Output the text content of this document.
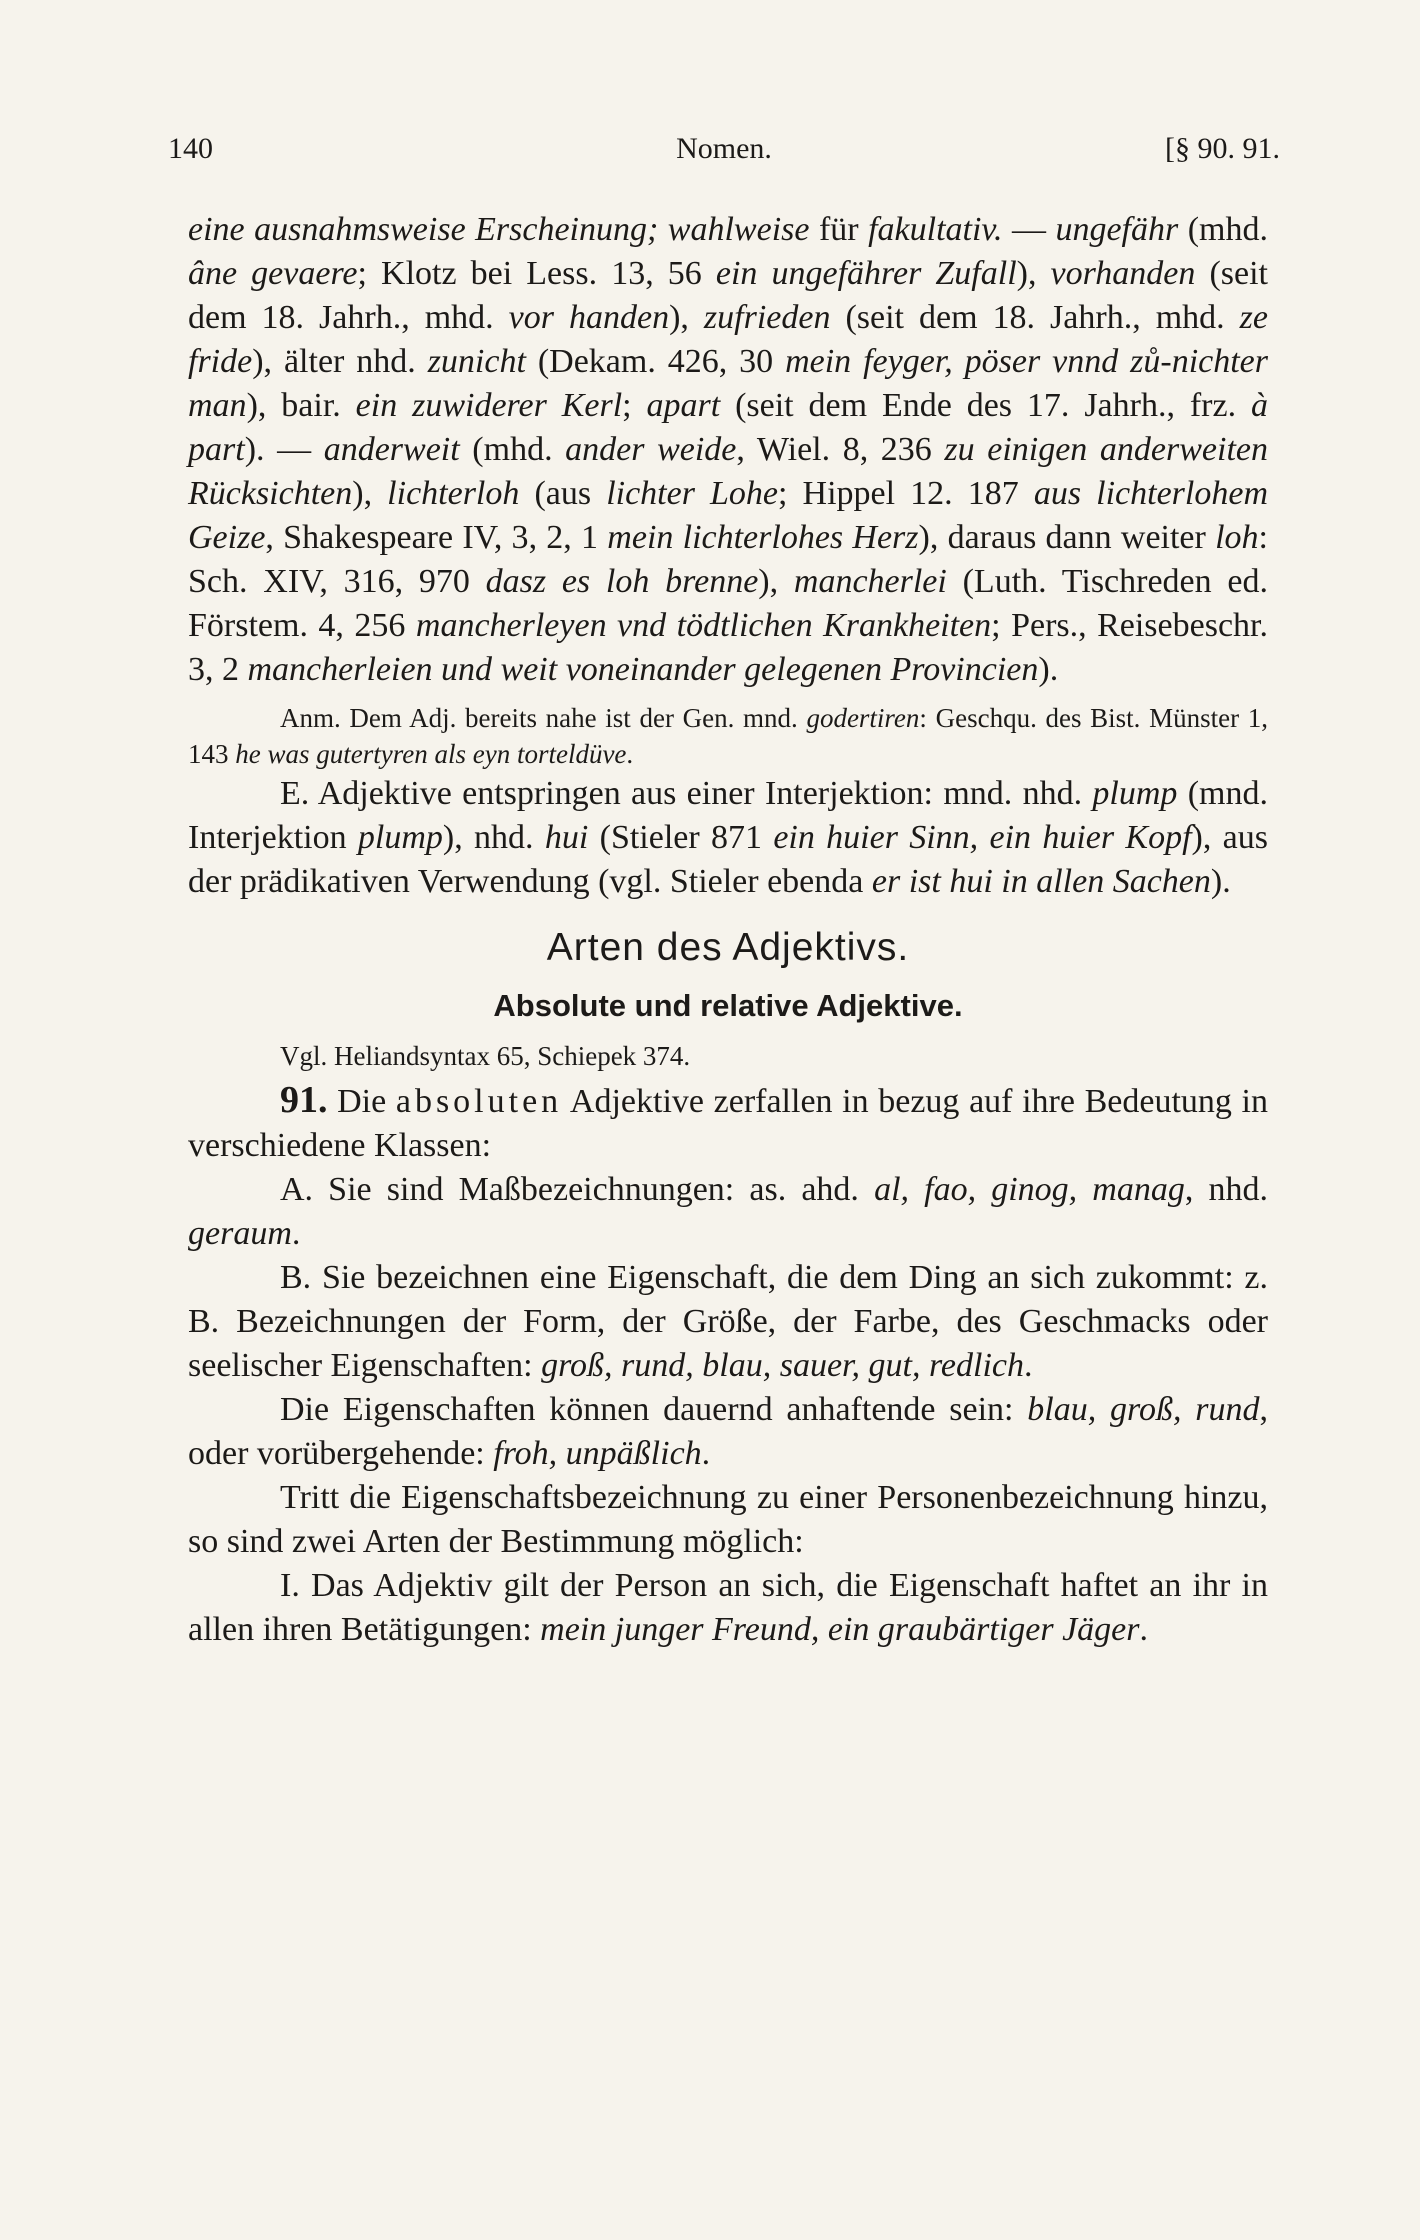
140	Nomen.	[§ 90. 91.

eine ausnahmsweise Erscheinung; wahlweise für fakultativ. — ungefähr (mhd. âne gevaere; Klotz bei Less. 13, 56 ein ungefährer Zufall), vorhanden (seit dem 18. Jahrh., mhd. vor handen), zufrieden (seit dem 18. Jahrh., mhd. ze fride), älter nhd. zunicht (Dekam. 426, 30 mein feyger, pöser vnnd zů-nichter man), bair. ein zuwiderer Kerl; apart (seit dem Ende des 17. Jahrh., frz. à part). — anderweit (mhd. ander weide, Wiel. 8, 236 zu einigen anderweiten Rücksichten), lichterloh (aus lichter Lohe; Hippel 12. 187 aus lichterlohem Geize, Shakespeare IV, 3, 2, 1 mein lichterlohes Herz), daraus dann weiter loh: Sch. XIV, 316, 970 dasz es loh brenne), mancherlei (Luth. Tischreden ed. Förstem. 4, 256 mancherleyen vnd tödtlichen Krankheiten; Pers., Reisebeschr. 3, 2 mancherleien und weit voneinander gelegenen Provincien).

Anm. Dem Adj. bereits nahe ist der Gen. mnd. godertiren: Geschqu. des Bist. Münster 1, 143 he was gutertyren als eyn torteldüve.

E. Adjektive entspringen aus einer Interjektion: mnd. nhd. plump (mnd. Interjektion plump), nhd. hui (Stieler 871 ein huier Sinn, ein huier Kopf), aus der prädikativen Verwendung (vgl. Stieler ebenda er ist hui in allen Sachen).

Arten des Adjektivs.

Absolute und relative Adjektive.

Vgl. Heliandsyntax 65, Schiepek 374.

91. Die absoluten Adjektive zerfallen in bezug auf ihre Bedeutung in verschiedene Klassen:

A. Sie sind Maßbezeichnungen: as. ahd. al, fao, ginog, manag, nhd. geraum.

B. Sie bezeichnen eine Eigenschaft, die dem Ding an sich zukommt: z. B. Bezeichnungen der Form, der Größe, der Farbe, des Geschmacks oder seelischer Eigenschaften: groß, rund, blau, sauer, gut, redlich.

Die Eigenschaften können dauernd anhaftende sein: blau, groß, rund, oder vorübergehende: froh, unpäßlich.

Tritt die Eigenschaftsbezeichnung zu einer Personenbezeichnung hinzu, so sind zwei Arten der Bestimmung möglich:

I. Das Adjektiv gilt der Person an sich, die Eigenschaft haftet an ihr in allen ihren Betätigungen: mein junger Freund, ein graubärtiger Jäger.
